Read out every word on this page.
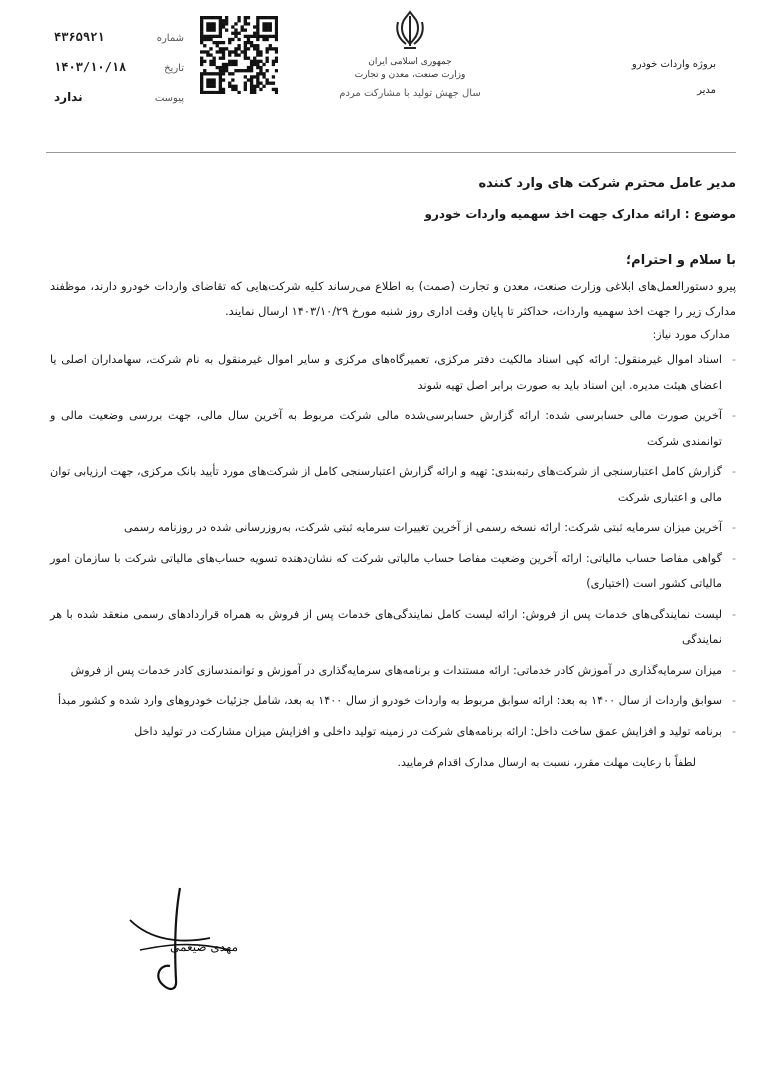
بروژه واردات خودرو
مدیر
جمهوری اسلامی ایران
وزارت صنعت، معدن و تجارت
سال جهش تولید با مشارکت مردم
شماره
۴۳۶۵۹۲۱
تاریخ
۱۴۰۳/۱۰/۱۸
پیوست
ندارد
مدیر عامل محترم شرکت های وارد کننده
موضوع : ارائه مدارک جهت اخذ سهمیه واردات خودرو
با سلام و احترام؛
پیرو دستورالعمل‌های ابلاغی وزارت صنعت، معدن و تجارت (صمت) به اطلاع می‌رساند کلیه شرکت‌هایی که تقاضای واردات خودرو دارند، موظفند مدارک زیر را جهت اخذ سهمیه واردات، حداکثر تا پایان وقت اداری روز شنبه مورخ ۱۴۰۳/۱۰/۲۹ ارسال نمایند.
مدارک مورد نیاز:
-
اسناد اموال غیرمنقول: ارائه کپی اسناد مالکیت دفتر مرکزی، تعمیرگاه‌های مرکزی و سایر اموال غیرمنقول به نام شرکت، سهامداران اصلی یا اعضای هیئت مدیره. این اسناد باید به صورت برابر اصل تهیه شوند
-
آخرین صورت مالی حسابرسی شده: ارائه گزارش حسابرسی‌شده مالی شرکت مربوط به آخرین سال مالی، جهت بررسی وضعیت مالی و توانمندی شرکت
-
گزارش کامل اعتبارسنجی از شرکت‌های رتبه‌بندی: تهیه و ارائه گزارش اعتبارسنجی کامل از شرکت‌های مورد تأیید بانک مرکزی، جهت ارزیابی توان مالی و اعتباری شرکت
-
آخرین میزان سرمایه ثبتی شرکت: ارائه نسخه رسمی از آخرین تغییرات سرمایه ثبتی شرکت، به‌روزرسانی شده در روزنامه رسمی
-
گواهی مفاصا حساب مالیاتی: ارائه آخرین وضعیت مفاصا حساب مالیاتی شرکت که نشان‌دهنده تسویه حساب‌های مالیاتی شرکت با سازمان امور مالیاتی کشور است (اختیاری)
-
لیست نمایندگی‌های خدمات پس از فروش: ارائه لیست کامل نمایندگی‌های خدمات پس از فروش به همراه قراردادهای رسمی منعقد شده با هر نمایندگی
-
میزان سرمایه‌گذاری در آموزش کادر خدماتی: ارائه مستندات و برنامه‌های سرمایه‌گذاری در آموزش و توانمندسازی کادر خدمات پس از فروش
-
سوابق واردات از سال ۱۴۰۰ به بعد: ارائه سوابق مربوط به واردات خودرو از سال ۱۴۰۰ به بعد، شامل جزئیات خودروهای وارد شده و کشور مبدأ
-
برنامه تولید و افزایش عمق ساخت داخل: ارائه برنامه‌های شرکت در زمینه تولید داخلی و افزایش میزان مشارکت در تولید داخل
لطفاً با رعایت مهلت مقرر، نسبت به ارسال مدارک اقدام فرمایید.
مهدی ضیغمی
